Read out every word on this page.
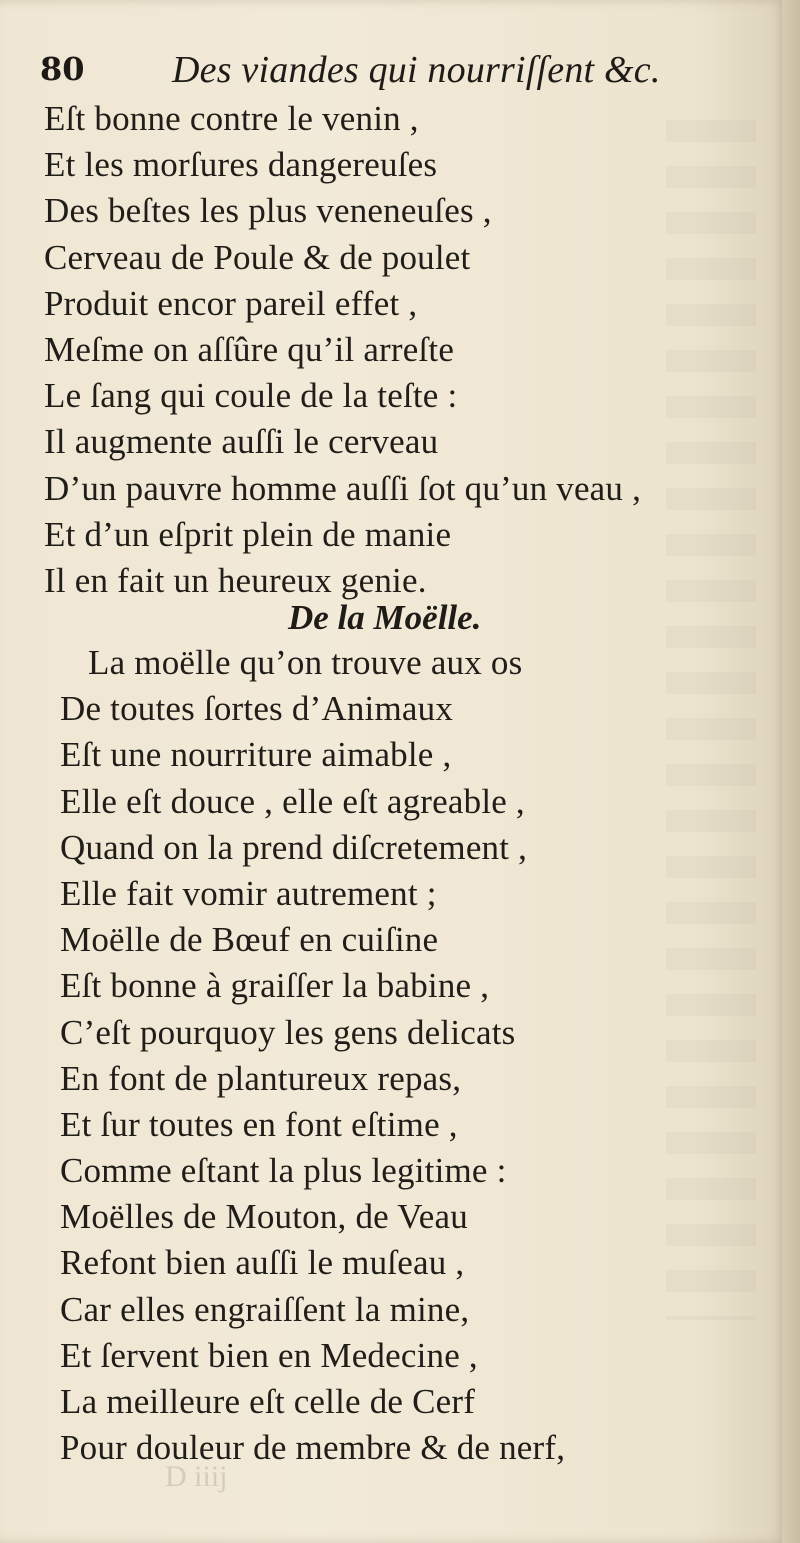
80 Des viandes qui nourriſſent &c.
Eſt bonne contre le venin ,
Et les morſures dangereuſes
Des beſtes les plus veneneuſes ,
Cerveau de Poule & de poulet
Produit encor pareil effet ,
Meſme on aſſûre qu’il arreſte
Le ſang qui coule de la teſte :
Il augmente auſſi le cerveau
D’un pauvre homme auſſi ſot qu’un veau ,
Et d’un eſprit plein de manie
Il en fait un heureux genie.
De la Moëlle.
La moëlle qu’on trouve aux os
De toutes ſortes d’Animaux
Eſt une nourriture aimable ,
Elle eſt douce , elle eſt agreable ,
Quand on la prend diſcretement ,
Elle fait vomir autrement ;
Moëlle de Bœuf en cuiſine
Eſt bonne à graiſſer la babine ,
C’eſt pourquoy les gens delicats
En font de plantureux repas,
Et ſur toutes en font eſtime ,
Comme eſtant la plus legitime :
Moëlles de Mouton, de Veau
Refont bien auſſi le muſeau ,
Car elles engraiſſent la mine,
Et ſervent bien en Medecine ,
La meilleure eſt celle de Cerf
Pour douleur de membre & de nerf,
D iiij
